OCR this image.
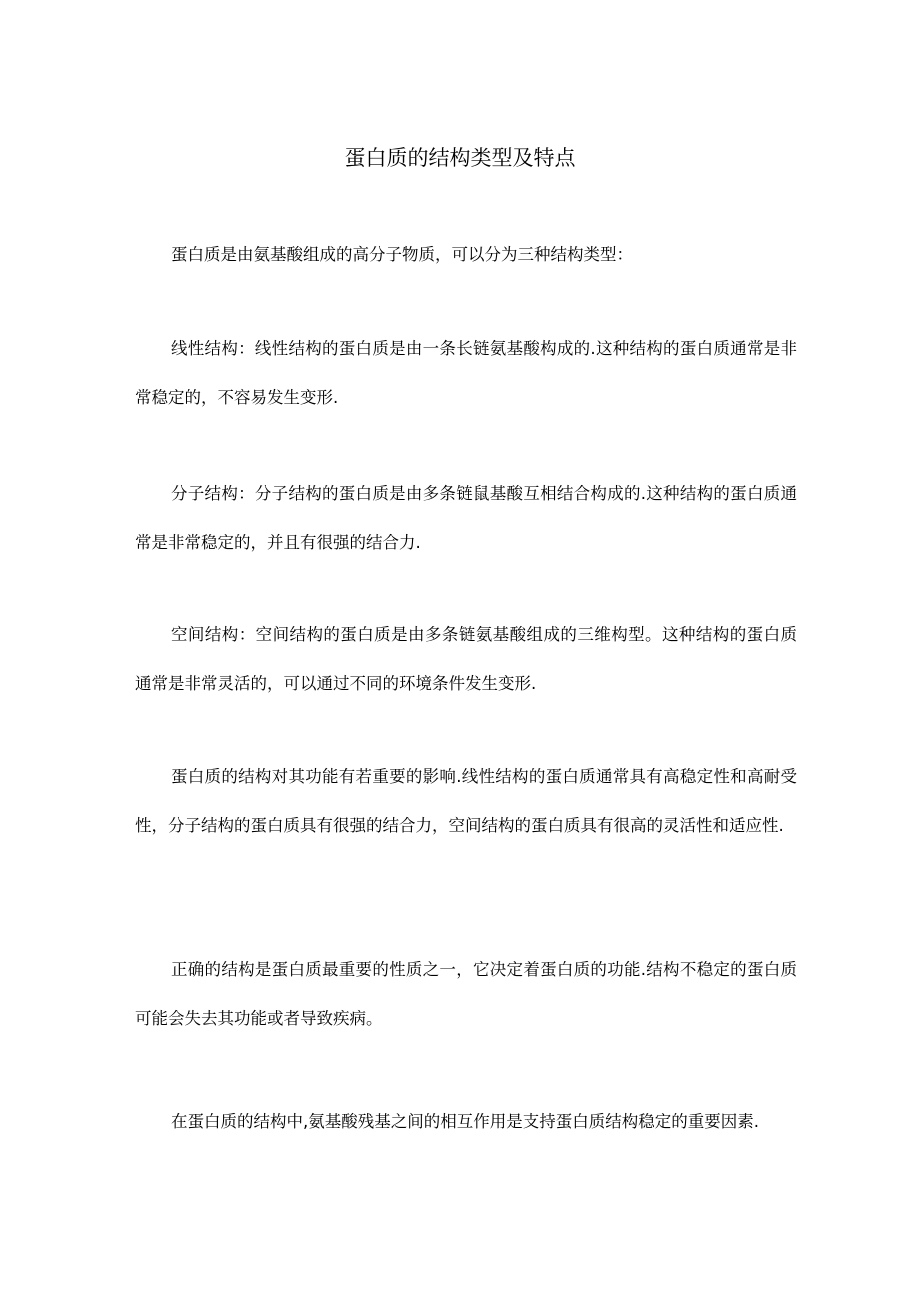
蛋白质的结构类型及特点

蛋白质是由氨基酸组成的高分子物质，可以分为三种结构类型：

线性结构：线性结构的蛋白质是由一条长链氨基酸构成的.这种结构的蛋白质通常是非常稳定的，不容易发生变形.

分子结构：分子结构的蛋白质是由多条链鼠基酸互相结合构成的.这种结构的蛋白质通常是非常稳定的，并且有很强的结合力.

空间结构：空间结构的蛋白质是由多条链氨基酸组成的三维构型。这种结构的蛋白质通常是非常灵活的，可以通过不同的环境条件发生变形.

蛋白质的结构对其功能有若重要的影响.线性结构的蛋白质通常具有高稳定性和高耐受性，分子结构的蛋白质具有很强的结合力，空间结构的蛋白质具有很高的灵活性和适应性.

正确的结构是蛋白质最重要的性质之一，它决定着蛋白质的功能.结构不稳定的蛋白质可能会失去其功能或者导致疾病。

在蛋白质的结构中,氨基酸残基之间的相互作用是支持蛋白质结构稳定的重要因素.
